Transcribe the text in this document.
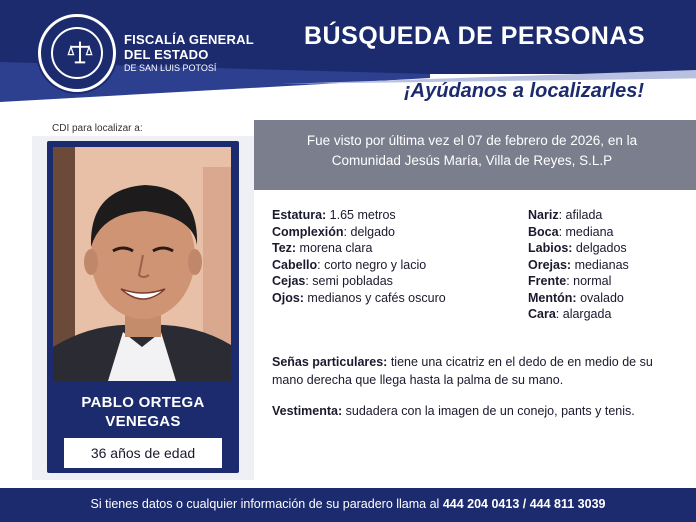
FISCALÍA GENERAL
DEL ESTADO
DE SAN LUIS POTOSÍ
BÚSQUEDA DE PERSONAS
¡Ayúdanos a localizarles!
CDI para localizar a:
PABLO ORTEGA
VENEGAS
36 años de edad
Fue visto por última vez el 07 de febrero de 2026, en la
Comunidad Jesús María, Villa de Reyes, S.L.P
Estatura: 1.65 metros
Complexión: delgado
Tez: morena clara
Cabello: corto negro y lacio
Cejas: semi pobladas
Ojos: medianos y cafés oscuro
Nariz: afilada
Boca: mediana
Labios: delgados
Orejas: medianas
Frente: normal
Mentón: ovalado
Cara: alargada
Señas particulares: tiene una cicatriz en el dedo de en medio de su mano derecha que llega hasta la palma de su mano.
Vestimenta: sudadera con la imagen de un conejo, pants y tenis.
Si tienes datos o cualquier información de su paradero llama al 444 204 0413 / 444 811 3039
